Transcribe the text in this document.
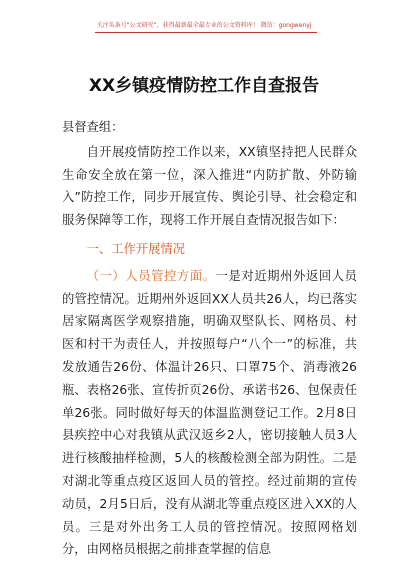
关注头条号“公文研究”，获得最新最全最专业的公文资料库！ 微信：gongwenyj
XX乡镇疫情防控工作自查报告

县督查组：

自开展疫情防控工作以来，XX镇坚持把人民群众生命安全放在第一位，深入推进“内防扩散、外防输入”防控工作，同步开展宣传、舆论引导、社会稳定和服务保障等工作，现将工作开展自查情况报告如下：

一、工作开展情况

（一）人员管控方面。一是对近期州外返回人员的管控情况。近期州外返回XX人员共26人，均已落实居家隔离医学观察措施，明确双堅队长、网格员、村医和村干为责任人，并按照每户“八个一”的标准，共发放通告26份、体温计26只、口罩75个、消毒液26瓶、表格26张、宣传折页26份、承诺书26、包保责任单26张。同时做好每天的体温监测登记工作。2月8日县疾控中心对我镇从武汉返乡2人，密切接触人员3人进行核酸抽样检测，5人的核酸检测全部为阴性。二是对湖北等重点疫区返回人员的管控。经过前期的宣传动员，2月5日后，没有从湖北等重点疫区进入XX的人员。三是对外出务工人员的管控情况。按照网格划分，由网格员根据之前排查掌握的信息
